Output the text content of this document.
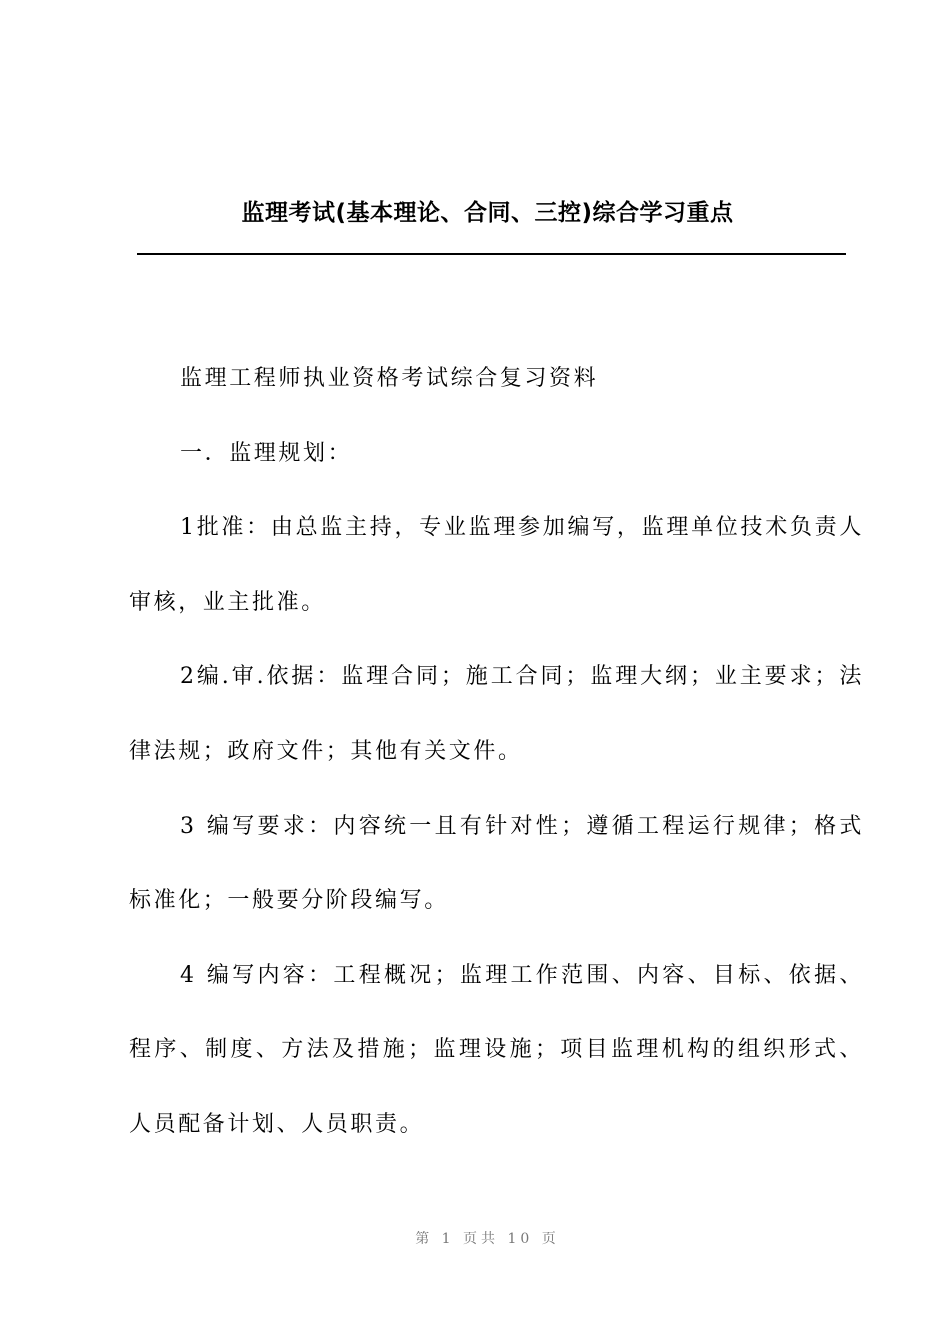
监理考试(基本理论、合同、三控)综合学习重点

监理工程师执业资格考试综合复习资料

一．监理规划：

1批准：由总监主持，专业监理参加编写，监理单位技术负责人审核，业主批准。

2编.审.依据：监理合同；施工合同；监理大纲；业主要求；法律法规；政府文件；其他有关文件。

3 编写要求：内容统一且有针对性；遵循工程运行规律；格式标准化；一般要分阶段编写。

4 编写内容：工程概况；监理工作范围、内容、目标、依据、程序、制度、方法及措施；监理设施；项目监理机构的组织形式、人员配备计划、人员职责。

第 1 页共 10 页
